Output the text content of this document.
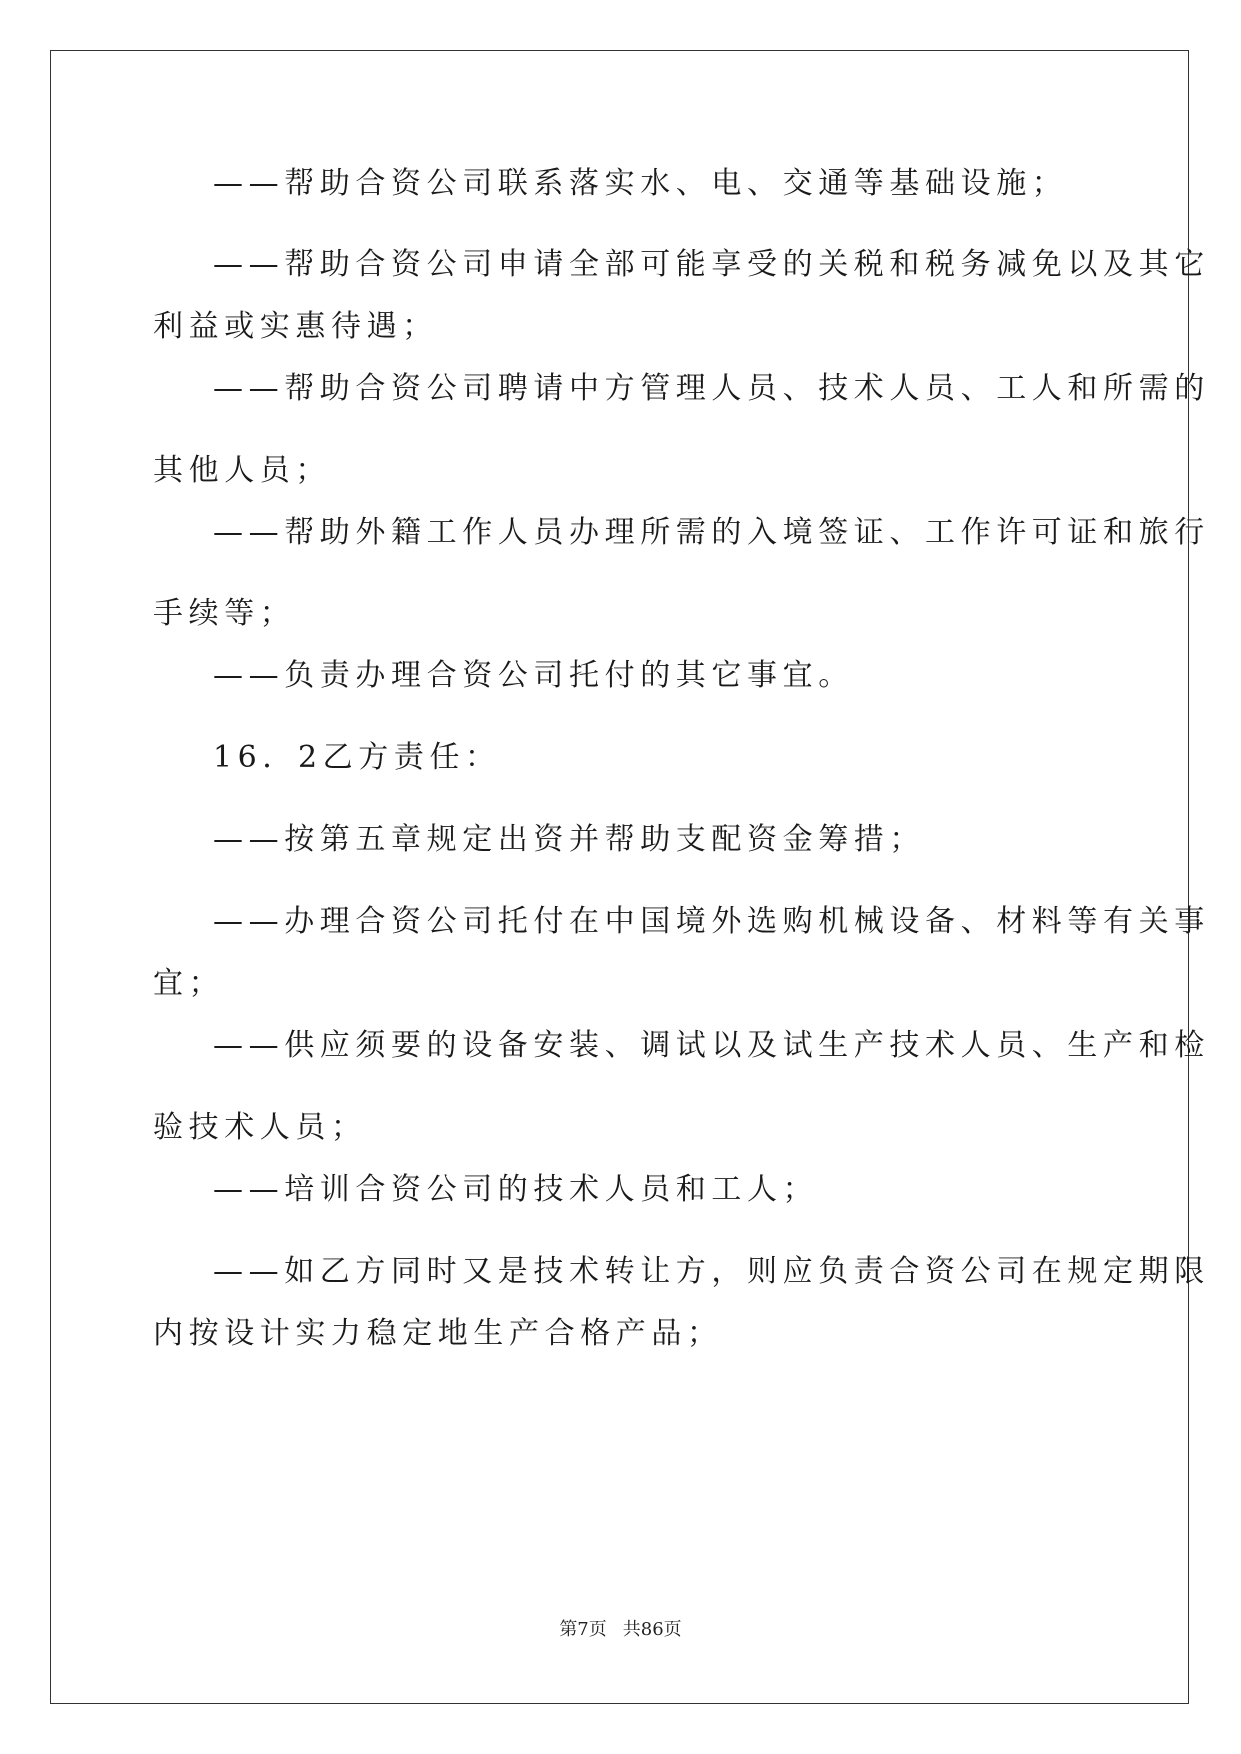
——帮助合资公司联系落实水、电、交通等基础设施；
——帮助合资公司申请全部可能享受的关税和税务减免以及其它
利益或实惠待遇；
——帮助合资公司聘请中方管理人员、技术人员、工人和所需的
其他人员；
——帮助外籍工作人员办理所需的入境签证、工作许可证和旅行
手续等；
——负责办理合资公司托付的其它事宜。
16．2乙方责任：
——按第五章规定出资并帮助支配资金筹措；
——办理合资公司托付在中国境外选购机械设备、材料等有关事
宜；
——供应须要的设备安装、调试以及试生产技术人员、生产和检
验技术人员；
——培训合资公司的技术人员和工人；
——如乙方同时又是技术转让方，则应负责合资公司在规定期限
内按设计实力稳定地生产合格产品；
第7页 共86页
